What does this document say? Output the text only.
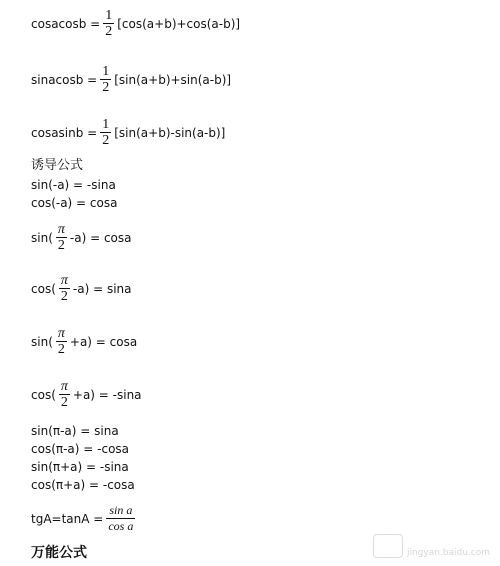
cosacosb = $\frac{1}{2} [\cos(a+b)+\cos(a-b)]$
sinacosb = $\frac{1}{2} [\sin(a+b)+\sin(a-b)]$
cosasinb = $\frac{1}{2} [\sin(a+b)-\sin(a-b)]$
诱导公式
sin(-a) = -sina
cos(-a) = cosa
$\sin( \frac{\pi}{2} -a) = \cos a$
$\cos( \frac{\pi}{2} -a) = \sin a$
$\sin( \frac{\pi}{2} +a) = \cos a$
$\cos( \frac{\pi}{2} +a) = -\sin a$
sin(π-a) = sina
cos(π-a) = -cosa
sin(π+a) = -sina
cos(π+a) = -cosa
$tgA=\tan A = \frac{\text{sin a}}{\text{cos a}}$
万能公式	jingyan.baidu.com
